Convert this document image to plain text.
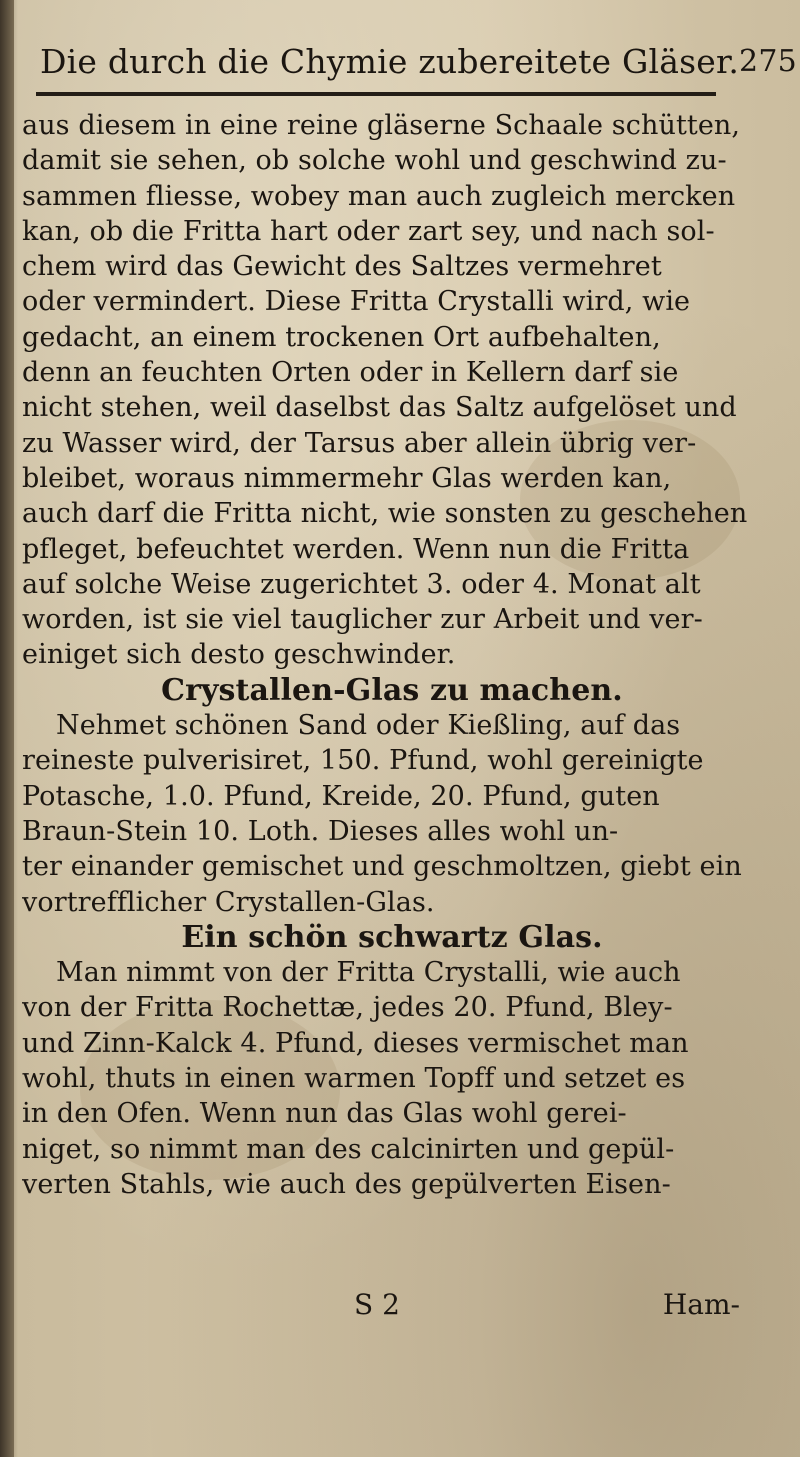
Die durch die Chymie zubereitete Gläser. 275
aus diesem in eine reine gläserne Schaale schütten,
damit sie sehen, ob solche wohl und geschwind zu-
sammen fliesse, wobey man auch zugleich mercken
kan, ob die Fritta hart oder zart sey, und nach sol-
chem wird das Gewicht des Saltzes vermehret
oder vermindert. Diese Fritta Crystalli wird, wie
gedacht, an einem trockenen Ort aufbehalten,
denn an feuchten Orten oder in Kellern darf sie
nicht stehen, weil daselbst das Saltz aufgelöset und
zu Wasser wird, der Tarsus aber allein übrig ver-
bleibet, woraus nimmermehr Glas werden kan,
auch darf die Fritta nicht, wie sonsten zu geschehen
pfleget, befeuchtet werden. Wenn nun die Fritta
auf solche Weise zugerichtet 3. oder 4. Monat alt
worden, ist sie viel tauglicher zur Arbeit und ver-
einiget sich desto geschwinder.
Crystallen-Glas zu machen.
Nehmet schönen Sand oder Kießling, auf das
reineste pulverisiret, 150. Pfund, wohl gereinigte
Potasche, 1.0. Pfund, Kreide, 20. Pfund, guten
Braun-Stein 10. Loth. Dieses alles wohl un-
ter einander gemischet und geschmoltzen, giebt ein
vortrefflicher Crystallen-Glas.
Ein schön schwartz Glas.
Man nimmt von der Fritta Crystalli, wie auch
von der Fritta Rochettæ, jedes 20. Pfund, Bley-
und Zinn-Kalck 4. Pfund, dieses vermischet man
wohl, thuts in einen warmen Topff und setzet es
in den Ofen. Wenn nun das Glas wohl gerei-
niget, so nimmt man des calcinirten und gepül-
verten Stahls, wie auch des gepülverten Eisen-
S 2	Ham-
